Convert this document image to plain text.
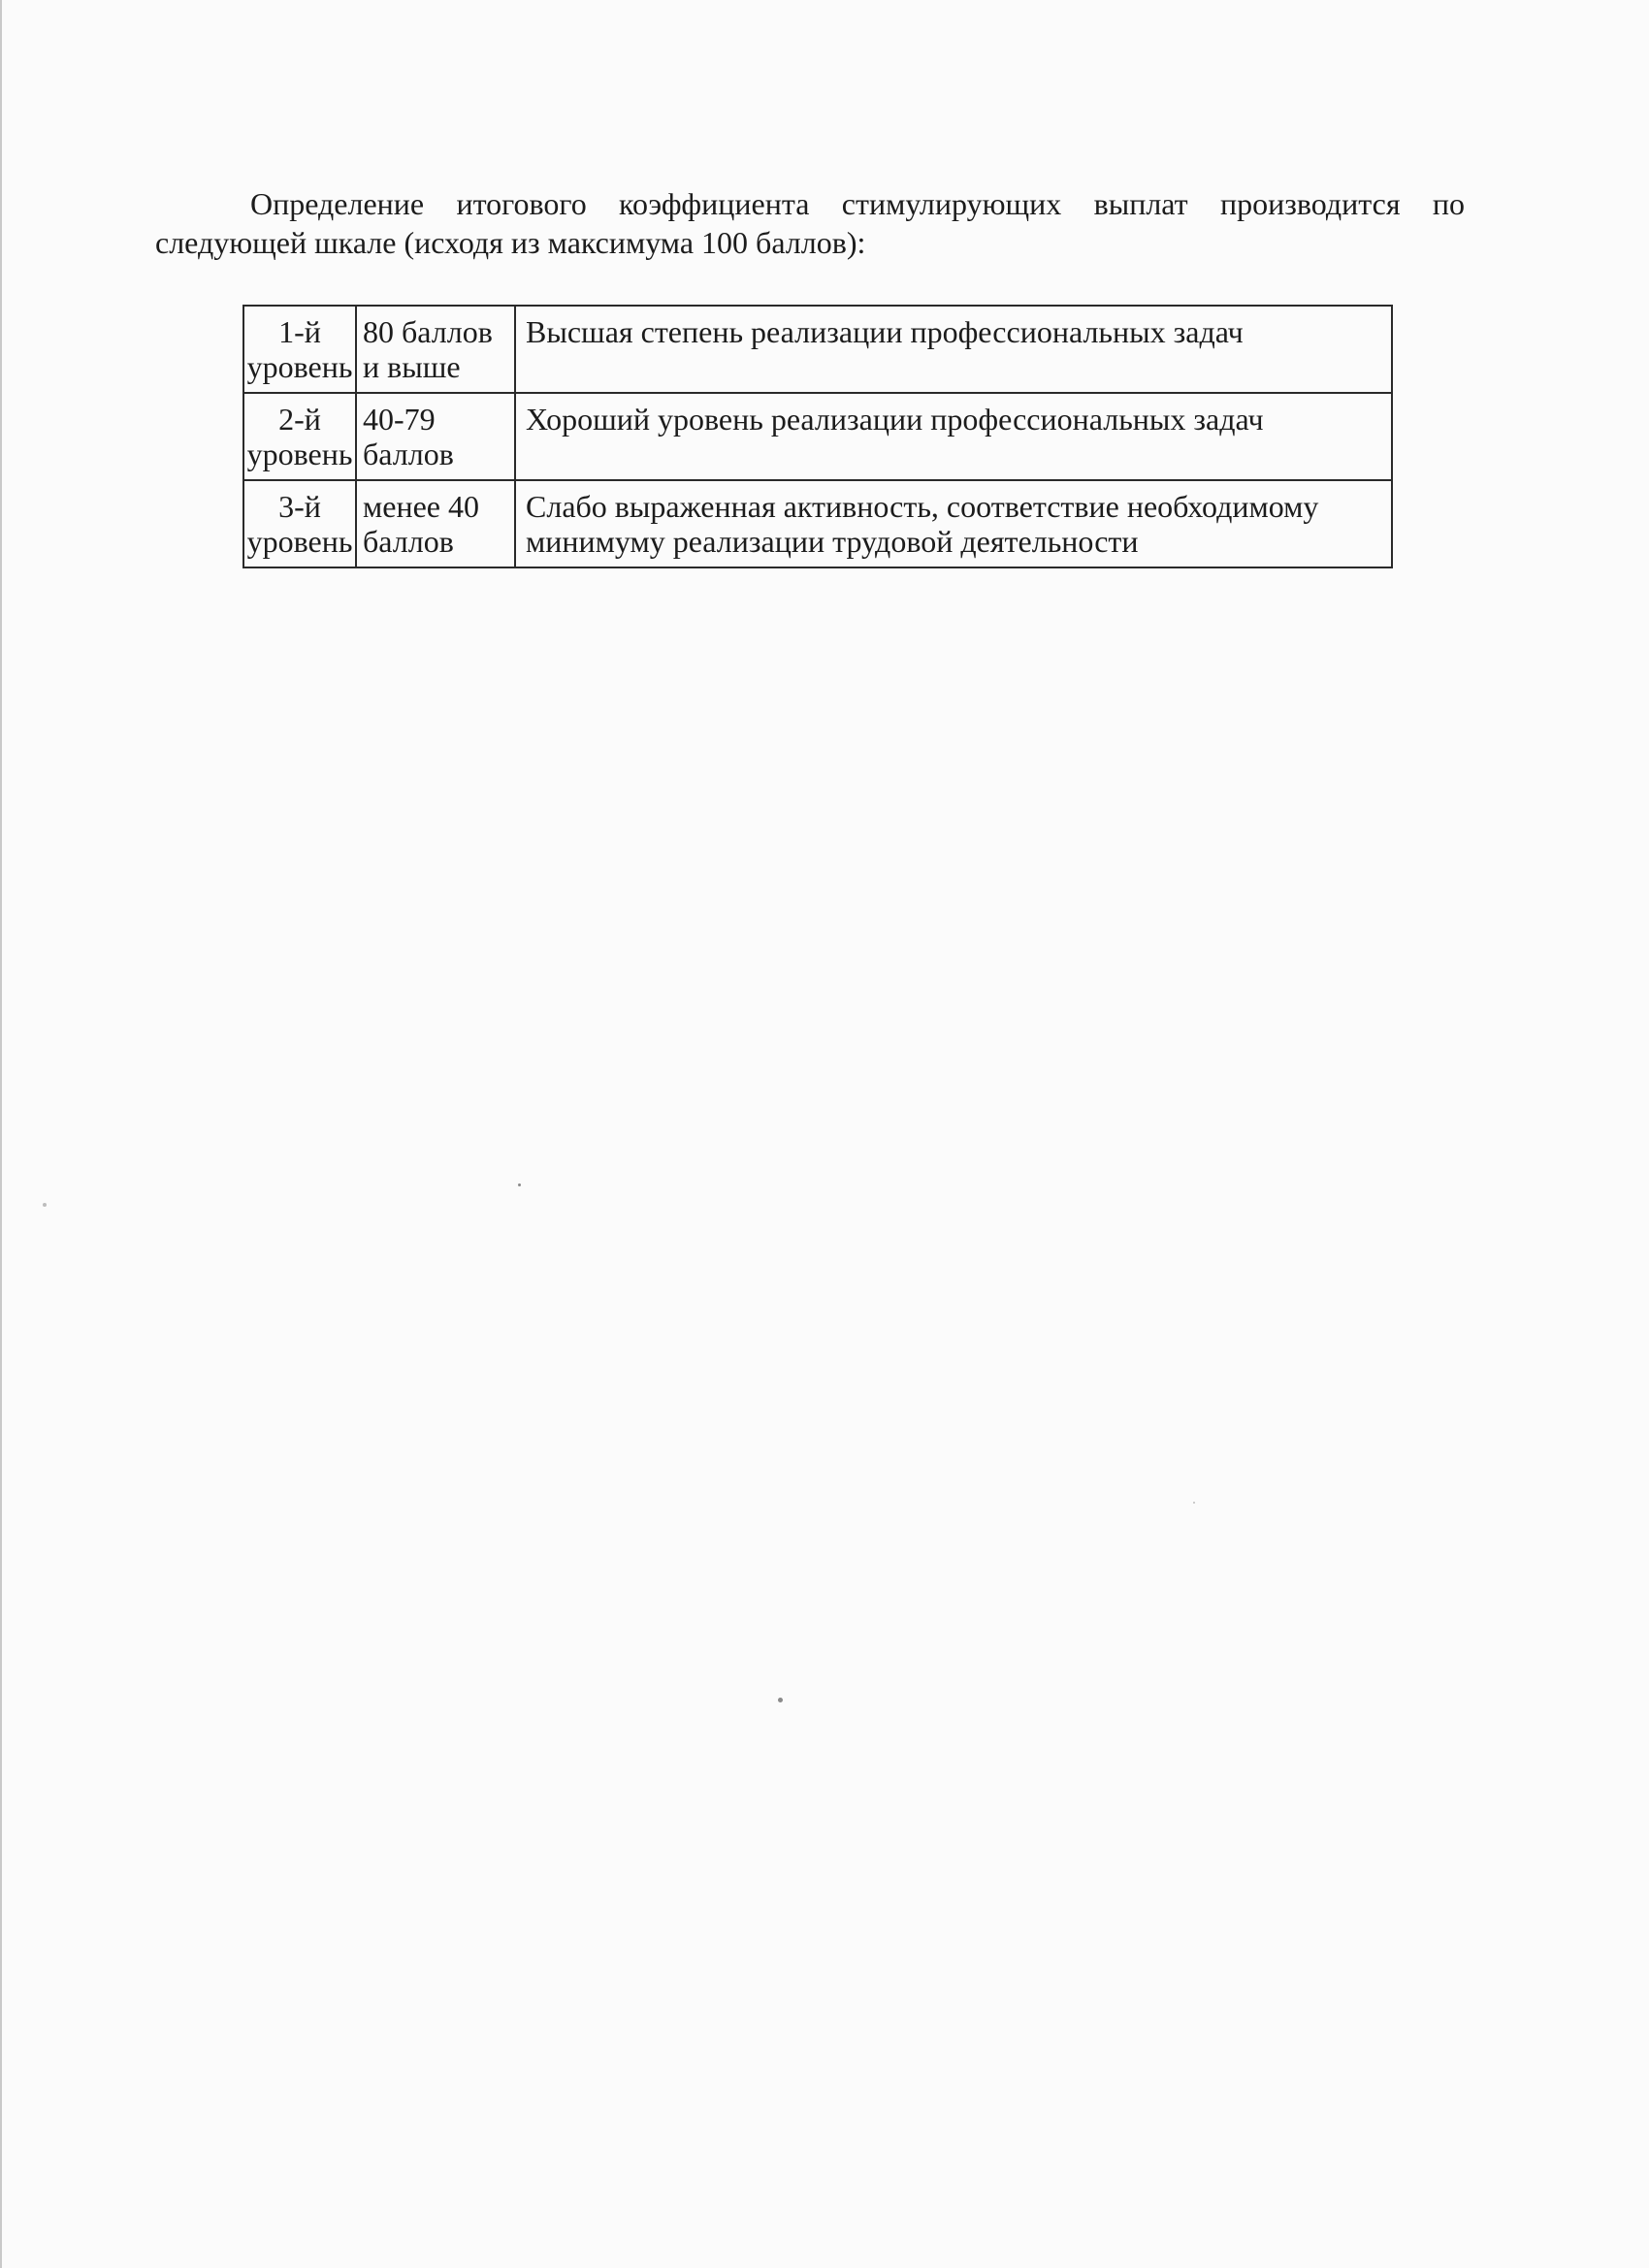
Определение итогового коэффициента стимулирующих выплат производится по следующей шкале (исходя из максимума 100 баллов):

1-й уровень	80 баллов и выше	Высшая степень реализации профессиональных задач
2-й уровень	40-79 баллов	Хороший уровень реализации профессиональных задач
3-й уровень	менее 40 баллов	Слабо выраженная активность, соответствие необходимому минимуму реализации трудовой деятельности
